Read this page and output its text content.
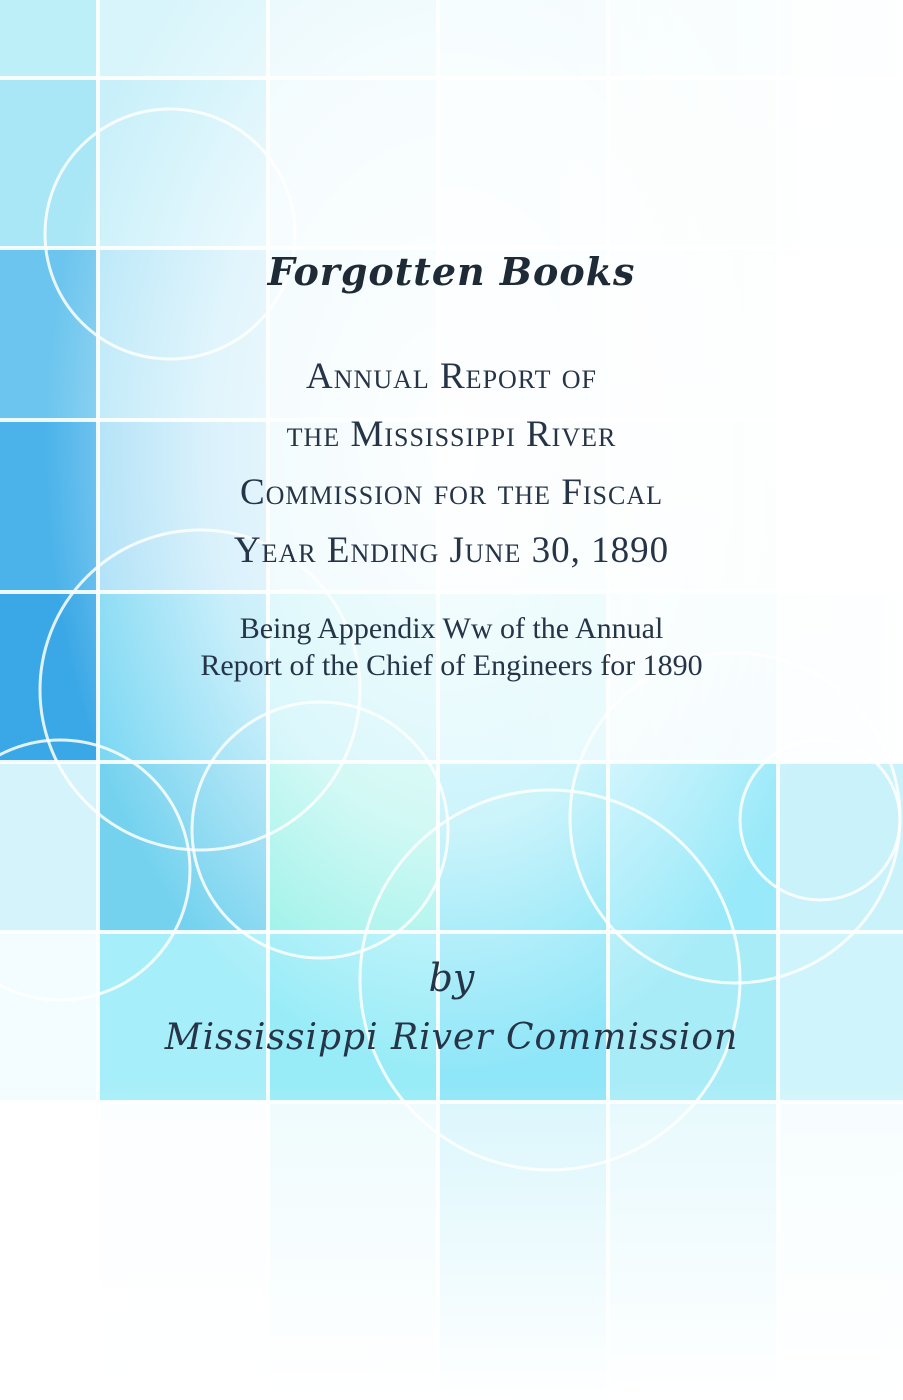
Forgotten Books
Annual Report of
the Mississippi River
Commission for the Fiscal
Year Ending June 30, 1890

Being Appendix Ww of the Annual
Report of the Chief of Engineers for 1890

by
Mississippi River Commission
